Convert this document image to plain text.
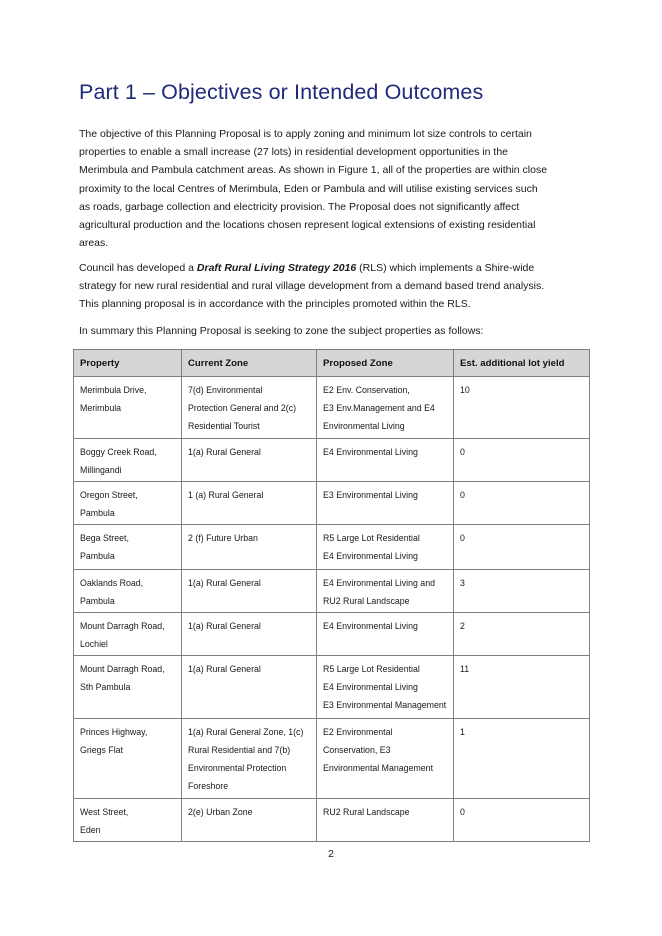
Part 1 – Objectives or Intended Outcomes

The objective of this Planning Proposal is to apply zoning and minimum lot size controls to certain
properties to enable a small increase (27 lots) in residential development opportunities in the
Merimbula and Pambula catchment areas. As shown in Figure 1, all of the properties are within close
proximity to the local Centres of Merimbula, Eden or Pambula and will utilise existing services such
as roads, garbage collection and electricity provision. The Proposal does not significantly affect
agricultural production and the locations chosen represent logical extensions of existing residential
areas.

Council has developed a Draft Rural Living Strategy 2016 (RLS) which implements a Shire-wide
strategy for new rural residential and rural village development from a demand based trend analysis.
This planning proposal is in accordance with the principles promoted within the RLS.

In summary this Planning Proposal is seeking to zone the subject properties as follows:

Property	Current Zone	Proposed Zone	Est. additional lot yield

Merimbula Drive,
Merimbula	7(d) Environmental
Protection General and 2(c)
Residential Tourist	E2 Env. Conservation,
E3 Env.Management and E4
Environmental Living	10

Boggy Creek Road,
Millingandi	1(a) Rural General	E4 Environmental Living	0

Oregon Street,
Pambula	1 (a) Rural General	E3 Environmental Living	0

Bega Street,
Pambula	2 (f) Future Urban	R5 Large Lot Residential
E4 Environmental Living	0

Oaklands Road,
Pambula	1(a) Rural General	E4 Environmental Living and
RU2 Rural Landscape	3

Mount Darragh Road,
Lochiel	1(a) Rural General	E4 Environmental Living	2

Mount Darragh Road,
Sth Pambula	1(a) Rural General	R5 Large Lot Residential
E4 Environmental Living
E3 Environmental Management	11

Princes Highway,
Griegs Flat	1(a) Rural General Zone, 1(c)
Rural Residential and 7(b)
Environmental Protection
Foreshore	E2 Environmental
Conservation, E3
Environmental Management	1

West Street,
Eden	2(e) Urban Zone	RU2 Rural Landscape	0
2
